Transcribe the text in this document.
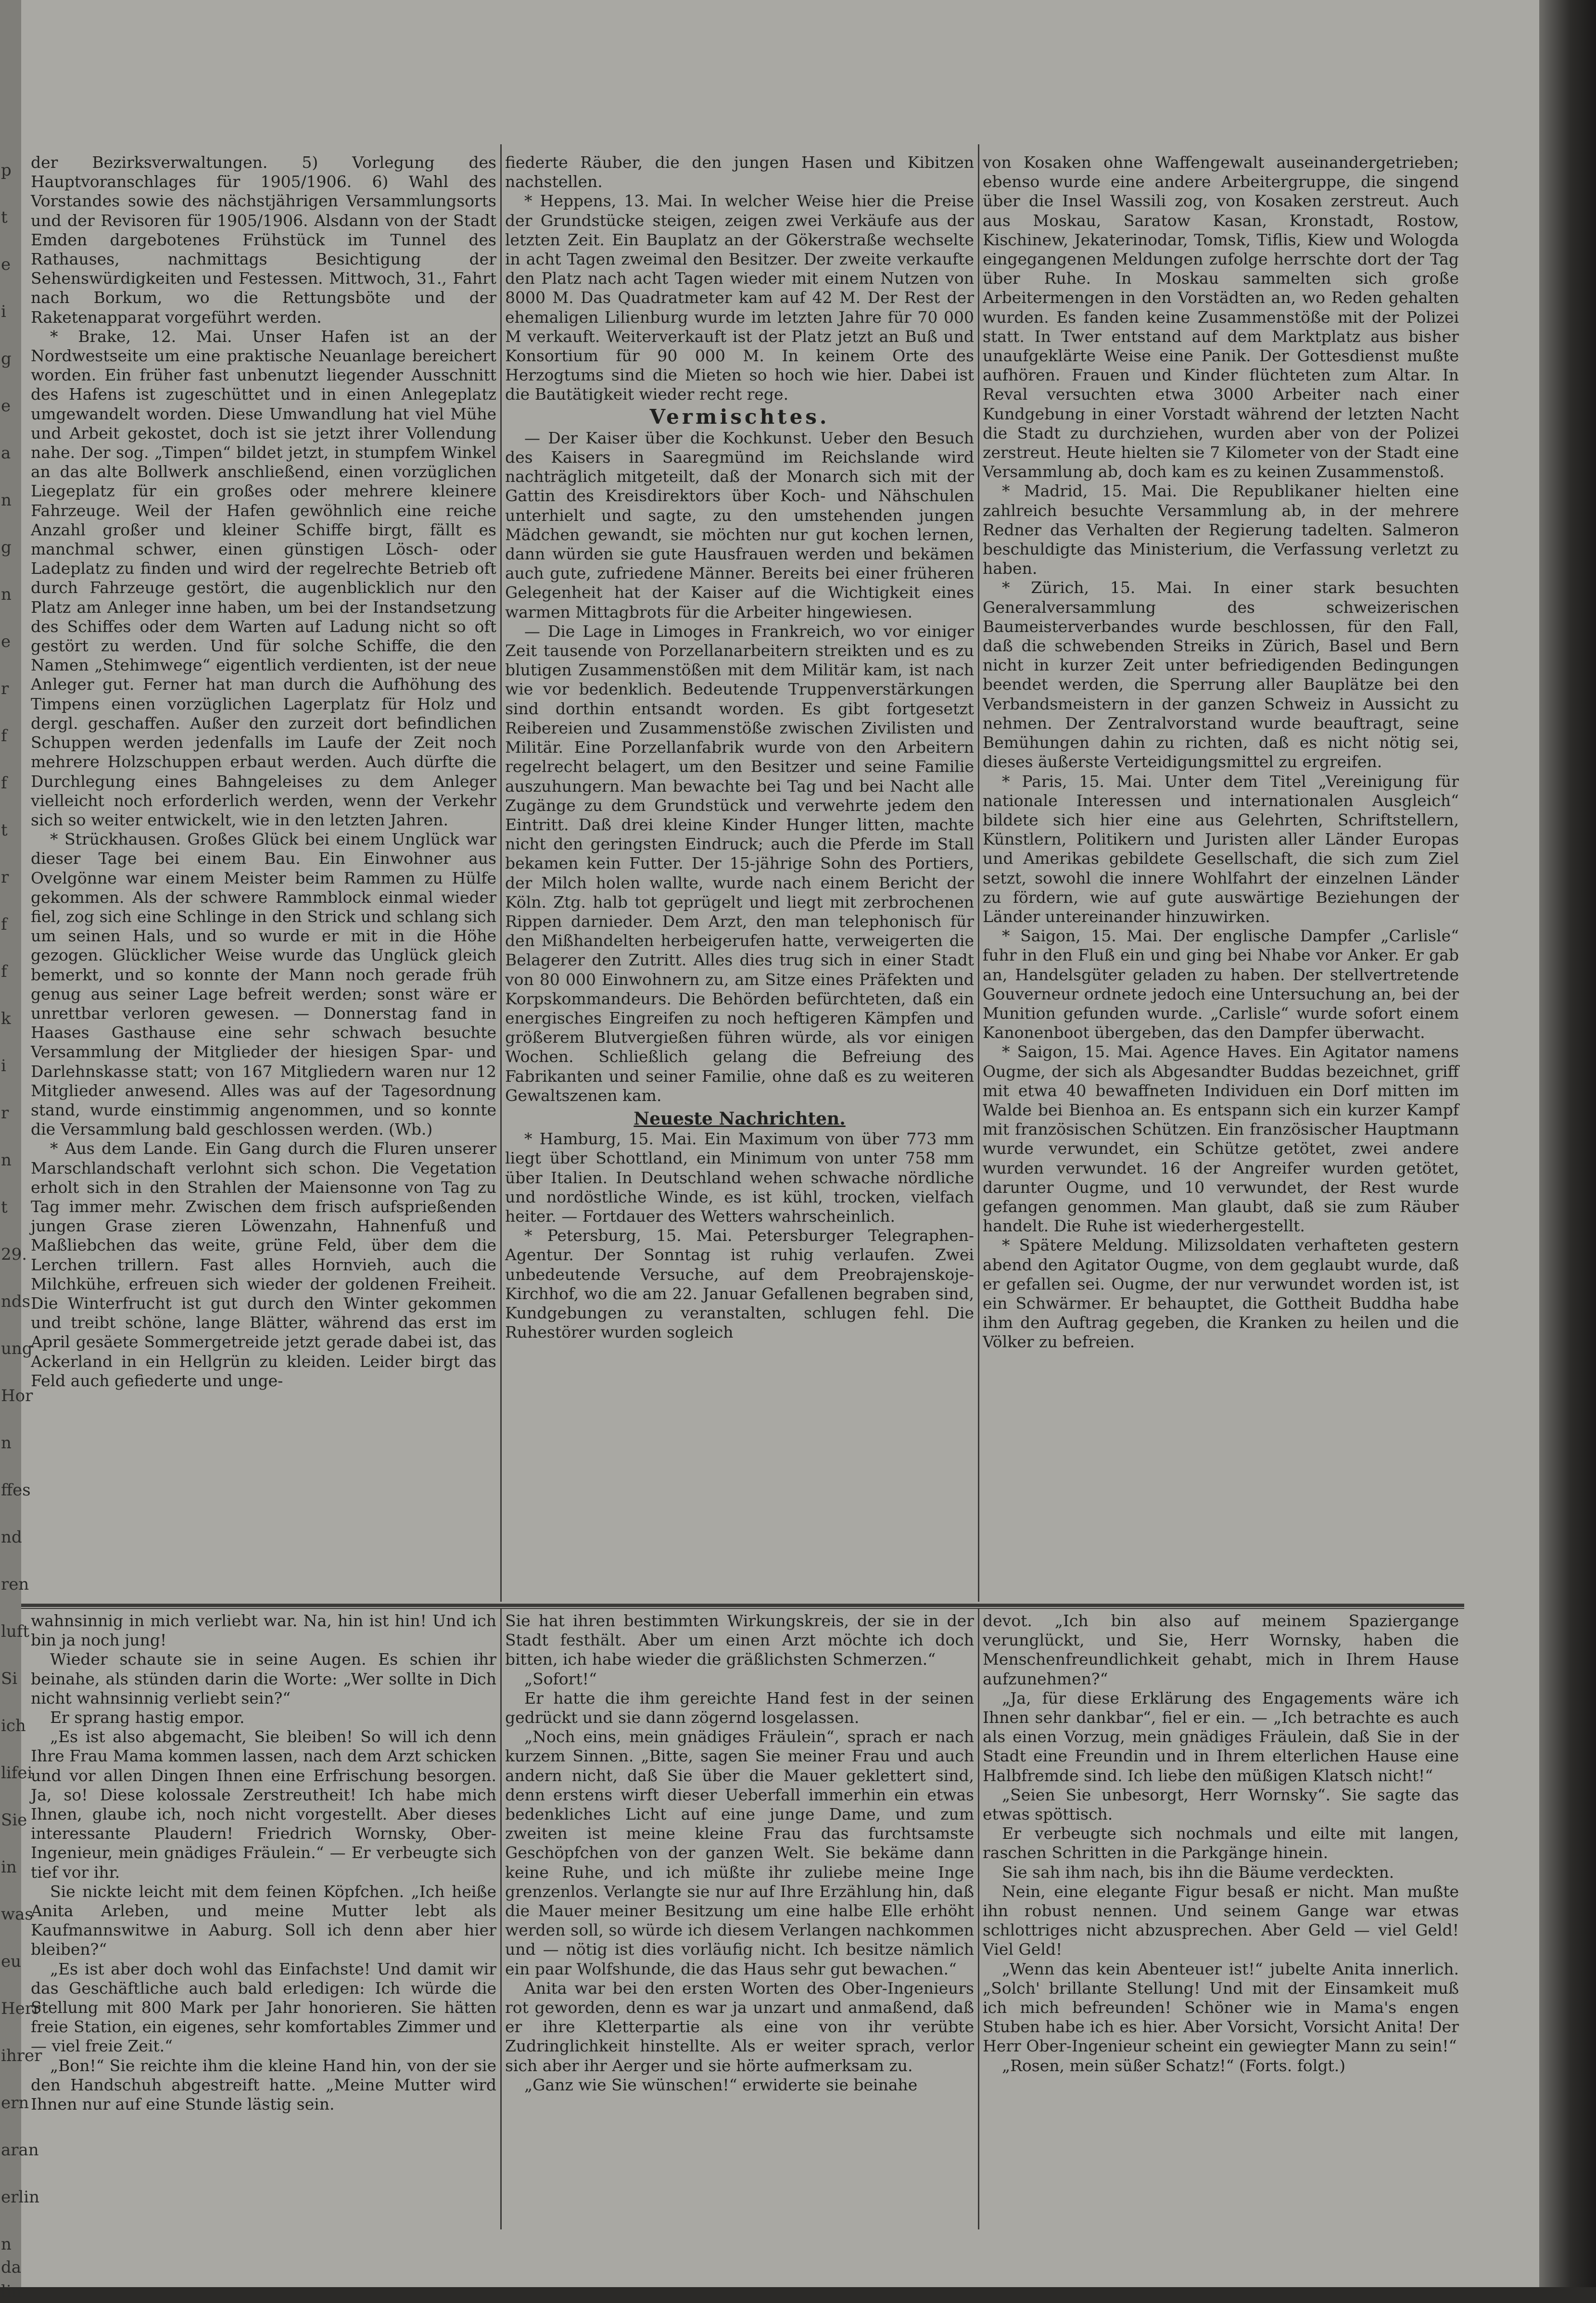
p
t
e
i
g
e
a
n
g
n
e
r
f
f
t
r
f
f
k
i
r
n
t
29.
nds
ung
Hor
n
ffes
nd
ren
luft
Si
ich
lifei
Sie
in
was
eu
Herr
ihrer
ern
aran
erlin
n da
lin

der Bezirksverwaltungen. 5) Vorlegung des Hauptvoranschlages für 1905/1906. 6) Wahl des Vorstandes sowie des nächstjährigen Versammlungsorts und der Revisoren für 1905/1906. Alsdann von der Stadt Emden dargebotenes Frühstück im Tunnel des Rathauses, nachmittags Besichtigung der Sehenswürdigkeiten und Festessen. Mittwoch, 31., Fahrt nach Borkum, wo die Rettungsböte und der Raketenapparat vorgeführt werden.

* Brake, 12. Mai. Unser Hafen ist an der Nordwestseite um eine praktische Neuanlage bereichert worden. Ein früher fast unbenutzt liegender Ausschnitt des Hafens ist zugeschüttet und in einen Anlegeplatz umgewandelt worden. Diese Umwandlung hat viel Mühe und Arbeit gekostet, doch ist sie jetzt ihrer Vollendung nahe. Der sog. „Timpen“ bildet jetzt, in stumpfem Winkel an das alte Bollwerk anschließend, einen vorzüglichen Liegeplatz für ein großes oder mehrere kleinere Fahrzeuge. Weil der Hafen gewöhnlich eine reiche Anzahl großer und kleiner Schiffe birgt, fällt es manchmal schwer, einen günstigen Lösch- oder Ladeplatz zu finden und wird der regelrechte Betrieb oft durch Fahrzeuge gestört, die augenblicklich nur den Platz am Anleger inne haben, um bei der Instandsetzung des Schiffes oder dem Warten auf Ladung nicht so oft gestört zu werden. Und für solche Schiffe, die den Namen „Stehimwege“ eigentlich verdienten, ist der neue Anleger gut. Ferner hat man durch die Aufhöhung des Timpens einen vorzüglichen Lagerplatz für Holz und dergl. geschaffen. Außer den zurzeit dort befindlichen Schuppen werden jedenfalls im Laufe der Zeit noch mehrere Holzschuppen erbaut werden. Auch dürfte die Durchlegung eines Bahngeleises zu dem Anleger vielleicht noch erforderlich werden, wenn der Verkehr sich so weiter entwickelt, wie in den letzten Jahren.

* Strückhausen. Großes Glück bei einem Unglück war dieser Tage bei einem Bau. Ein Einwohner aus Ovelgönne war einem Meister beim Rammen zu Hülfe gekommen. Als der schwere Rammblock einmal wieder fiel, zog sich eine Schlinge in den Strick und schlang sich um seinen Hals, und so wurde er mit in die Höhe gezogen. Glücklicher Weise wurde das Unglück gleich bemerkt, und so konnte der Mann noch gerade früh genug aus seiner Lage befreit werden; sonst wäre er unrettbar verloren gewesen. — Donnerstag fand in Haases Gasthause eine sehr schwach besuchte Versammlung der Mitglieder der hiesigen Spar- und Darlehnskasse statt; von 167 Mitgliedern waren nur 12 Mitglieder anwesend. Alles was auf der Tagesordnung stand, wurde einstimmig angenommen, und so konnte die Versammlung bald geschlossen werden. (Wb.)

* Aus dem Lande. Ein Gang durch die Fluren unserer Marschlandschaft verlohnt sich schon. Die Vegetation erholt sich in den Strahlen der Maiensonne von Tag zu Tag immer mehr. Zwischen dem frisch aufsprießenden jungen Grase zieren Löwenzahn, Hahnenfuß und Maßliebchen das weite, grüne Feld, über dem die Lerchen trillern. Fast alles Hornvieh, auch die Milchkühe, erfreuen sich wieder der goldenen Freiheit. Die Winterfrucht ist gut durch den Winter gekommen und treibt schöne, lange Blätter, während das erst im April gesäete Sommergetreide jetzt gerade dabei ist, das Ackerland in ein Hellgrün zu kleiden. Leider birgt das Feld auch gefiederte und unge-

fiederte Räuber, die den jungen Hasen und Kibitzen nachstellen.

* Heppens, 13. Mai. In welcher Weise hier die Preise der Grundstücke steigen, zeigen zwei Verkäufe aus der letzten Zeit. Ein Bauplatz an der Gökerstraße wechselte in acht Tagen zweimal den Besitzer. Der zweite verkaufte den Platz nach acht Tagen wieder mit einem Nutzen von 8000 M. Das Quadratmeter kam auf 42 M. Der Rest der ehemaligen Lilienburg wurde im letzten Jahre für 70 000 M verkauft. Weiterverkauft ist der Platz jetzt an Buß und Konsortium für 90 000 M. In keinem Orte des Herzogtums sind die Mieten so hoch wie hier. Dabei ist die Bautätigkeit wieder recht rege.

Vermischtes.

— Der Kaiser über die Kochkunst. Ueber den Besuch des Kaisers in Saaregmünd im Reichslande wird nachträglich mitgeteilt, daß der Monarch sich mit der Gattin des Kreisdirektors über Koch- und Nähschulen unterhielt und sagte, zu den umstehenden jungen Mädchen gewandt, sie möchten nur gut kochen lernen, dann würden sie gute Hausfrauen werden und bekämen auch gute, zufriedene Männer. Bereits bei einer früheren Gelegenheit hat der Kaiser auf die Wichtigkeit eines warmen Mittagbrots für die Arbeiter hingewiesen.

— Die Lage in Limoges in Frankreich, wo vor einiger Zeit tausende von Porzellanarbeitern streikten und es zu blutigen Zusammenstößen mit dem Militär kam, ist nach wie vor bedenklich. Bedeutende Truppenverstärkungen sind dorthin entsandt worden. Es gibt fortgesetzt Reibereien und Zusammenstöße zwischen Zivilisten und Militär. Eine Porzellanfabrik wurde von den Arbeitern regelrecht belagert, um den Besitzer und seine Familie auszuhungern. Man bewachte bei Tag und bei Nacht alle Zugänge zu dem Grundstück und verwehrte jedem den Eintritt. Daß drei kleine Kinder Hunger litten, machte nicht den geringsten Eindruck; auch die Pferde im Stall bekamen kein Futter. Der 15-jährige Sohn des Portiers, der Milch holen wallte, wurde nach einem Bericht der Köln. Ztg. halb tot geprügelt und liegt mit zerbrochenen Rippen darnieder. Dem Arzt, den man telephonisch für den Mißhandelten herbeigerufen hatte, verweigerten die Belagerer den Zutritt. Alles dies trug sich in einer Stadt von 80 000 Einwohnern zu, am Sitze eines Präfekten und Korpskommandeurs. Die Behörden befürchteten, daß ein energisches Eingreifen zu noch heftigeren Kämpfen und größerem Blutvergießen führen würde, als vor einigen Wochen. Schließlich gelang die Befreiung des Fabrikanten und seiner Familie, ohne daß es zu weiteren Gewaltszenen kam.

Neueste Nachrichten.

* Hamburg, 15. Mai. Ein Maximum von über 773 mm liegt über Schottland, ein Minimum von unter 758 mm über Italien. In Deutschland wehen schwache nördliche und nordöstliche Winde, es ist kühl, trocken, vielfach heiter. — Fortdauer des Wetters wahrscheinlich.

* Petersburg, 15. Mai. Petersburger Telegraphen-Agentur. Der Sonntag ist ruhig verlaufen. Zwei unbedeutende Versuche, auf dem Preobrajenskoje-Kirchhof, wo die am 22. Januar Gefallenen begraben sind, Kundgebungen zu veranstalten, schlugen fehl. Die Ruhestörer wurden sogleich

von Kosaken ohne Waffengewalt auseinandergetrieben; ebenso wurde eine andere Arbeitergruppe, die singend über die Insel Wassili zog, von Kosaken zerstreut. Auch aus Moskau, Saratow Kasan, Kronstadt, Rostow, Kischinew, Jekaterinodar, Tomsk, Tiflis, Kiew und Wologda eingegangenen Meldungen zufolge herrschte dort der Tag über Ruhe. In Moskau sammelten sich große Arbeitermengen in den Vorstädten an, wo Reden gehalten wurden. Es fanden keine Zusammenstöße mit der Polizei statt. In Twer entstand auf dem Marktplatz aus bisher unaufgeklärte Weise eine Panik. Der Gottesdienst mußte aufhören. Frauen und Kinder flüchteten zum Altar. In Reval versuchten etwa 3000 Arbeiter nach einer Kundgebung in einer Vorstadt während der letzten Nacht die Stadt zu durchziehen, wurden aber von der Polizei zerstreut. Heute hielten sie 7 Kilometer von der Stadt eine Versammlung ab, doch kam es zu keinen Zusammenstoß.

* Madrid, 15. Mai. Die Republikaner hielten eine zahlreich besuchte Versammlung ab, in der mehrere Redner das Verhalten der Regierung tadelten. Salmeron beschuldigte das Ministerium, die Verfassung verletzt zu haben.

* Zürich, 15. Mai. In einer stark besuchten Generalversammlung des schweizerischen Baumeisterverbandes wurde beschlossen, für den Fall, daß die schwebenden Streiks in Zürich, Basel und Bern nicht in kurzer Zeit unter befriedigenden Bedingungen beendet werden, die Sperrung aller Bauplätze bei den Verbandsmeistern in der ganzen Schweiz in Aussicht zu nehmen. Der Zentralvorstand wurde beauftragt, seine Bemühungen dahin zu richten, daß es nicht nötig sei, dieses äußerste Verteidigungsmittel zu ergreifen.

* Paris, 15. Mai. Unter dem Titel „Vereinigung für nationale Interessen und internationalen Ausgleich“ bildete sich hier eine aus Gelehrten, Schriftstellern, Künstlern, Politikern und Juristen aller Länder Europas und Amerikas gebildete Gesellschaft, die sich zum Ziel setzt, sowohl die innere Wohlfahrt der einzelnen Länder zu fördern, wie auf gute auswärtige Beziehungen der Länder untereinander hinzuwirken.

* Saigon, 15. Mai. Der englische Dampfer „Carlisle“ fuhr in den Fluß ein und ging bei Nhabe vor Anker. Er gab an, Handelsgüter geladen zu haben. Der stellvertretende Gouverneur ordnete jedoch eine Untersuchung an, bei der Munition gefunden wurde. „Carlisle“ wurde sofort einem Kanonenboot übergeben, das den Dampfer überwacht.

* Saigon, 15. Mai. Agence Haves. Ein Agitator namens Ougme, der sich als Abgesandter Buddas bezeichnet, griff mit etwa 40 bewaffneten Individuen ein Dorf mitten im Walde bei Bienhoa an. Es entspann sich ein kurzer Kampf mit französischen Schützen. Ein französischer Hauptmann wurde verwundet, ein Schütze getötet, zwei andere wurden verwundet. 16 der Angreifer wurden getötet, darunter Ougme, und 10 verwundet, der Rest wurde gefangen genommen. Man glaubt, daß sie zum Räuber handelt. Die Ruhe ist wiederhergestellt.

* Spätere Meldung. Milizsoldaten verhafteten gestern abend den Agitator Ougme, von dem geglaubt wurde, daß er gefallen sei. Ougme, der nur verwundet worden ist, ist ein Schwärmer. Er behauptet, die Gottheit Buddha habe ihm den Auftrag gegeben, die Kranken zu heilen und die Völker zu befreien.

wahnsinnig in mich verliebt war. Na, hin ist hin! Und ich bin ja noch jung!

Wieder schaute sie in seine Augen. Es schien ihr beinahe, als stünden darin die Worte: „Wer sollte in Dich nicht wahnsinnig verliebt sein?“

Er sprang hastig empor.

„Es ist also abgemacht, Sie bleiben! So will ich denn Ihre Frau Mama kommen lassen, nach dem Arzt schicken und vor allen Dingen Ihnen eine Erfrischung besorgen. Ja, so! Diese kolossale Zerstreutheit! Ich habe mich Ihnen, glaube ich, noch nicht vorgestellt. Aber dieses interessante Plaudern! Friedrich Wornsky, Ober-Ingenieur, mein gnädiges Fräulein.“ — Er verbeugte sich tief vor ihr.

Sie nickte leicht mit dem feinen Köpfchen. „Ich heiße Anita Arleben, und meine Mutter lebt als Kaufmannswitwe in Aaburg. Soll ich denn aber hier bleiben?“

„Es ist aber doch wohl das Einfachste! Und damit wir das Geschäftliche auch bald erledigen: Ich würde die Stellung mit 800 Mark per Jahr honorieren. Sie hätten freie Station, ein eigenes, sehr komfortables Zimmer und — viel freie Zeit.“

„Bon!“ Sie reichte ihm die kleine Hand hin, von der sie den Handschuh abgestreift hatte. „Meine Mutter wird Ihnen nur auf eine Stunde lästig sein.

Sie hat ihren bestimmten Wirkungskreis, der sie in der Stadt festhält. Aber um einen Arzt möchte ich doch bitten, ich habe wieder die gräßlichsten Schmerzen.“

„Sofort!“

Er hatte die ihm gereichte Hand fest in der seinen gedrückt und sie dann zögernd losgelassen.

„Noch eins, mein gnädiges Fräulein“, sprach er nach kurzem Sinnen. „Bitte, sagen Sie meiner Frau und auch andern nicht, daß Sie über die Mauer geklettert sind, denn erstens wirft dieser Ueberfall immerhin ein etwas bedenkliches Licht auf eine junge Dame, und zum zweiten ist meine kleine Frau das furchtsamste Geschöpfchen von der ganzen Welt. Sie bekäme dann keine Ruhe, und ich müßte ihr zuliebe meine Inge grenzenlos. Verlangte sie nur auf Ihre Erzählung hin, daß die Mauer meiner Besitzung um eine halbe Elle erhöht werden soll, so würde ich diesem Verlangen nachkommen und — nötig ist dies vorläufig nicht. Ich besitze nämlich ein paar Wolfshunde, die das Haus sehr gut bewachen.“

Anita war bei den ersten Worten des Ober-Ingenieurs rot geworden, denn es war ja unzart und anmaßend, daß er ihre Kletterpartie als eine von ihr verübte Zudringlichkeit hinstellte. Als er weiter sprach, verlor sich aber ihr Aerger und sie hörte aufmerksam zu.

„Ganz wie Sie wünschen!“ erwiderte sie beinahe

devot. „Ich bin also auf meinem Spaziergange verunglückt, und Sie, Herr Wornsky, haben die Menschenfreundlichkeit gehabt, mich in Ihrem Hause aufzunehmen?“

„Ja, für diese Erklärung des Engagements wäre ich Ihnen sehr dankbar“, fiel er ein. — „Ich betrachte es auch als einen Vorzug, mein gnädiges Fräulein, daß Sie in der Stadt eine Freundin und in Ihrem elterlichen Hause eine Halbfremde sind. Ich liebe den müßigen Klatsch nicht!“

„Seien Sie unbesorgt, Herr Wornsky“. Sie sagte das etwas spöttisch.

Er verbeugte sich nochmals und eilte mit langen, raschen Schritten in die Parkgänge hinein.

Sie sah ihm nach, bis ihn die Bäume verdeckten.

Nein, eine elegante Figur besaß er nicht. Man mußte ihn robust nennen. Und seinem Gange war etwas schlottriges nicht abzusprechen. Aber Geld — viel Geld! Viel Geld!

„Wenn das kein Abenteuer ist!“ jubelte Anita innerlich. „Solch' brillante Stellung! Und mit der Einsamkeit muß ich mich befreunden! Schöner wie in Mama's engen Stuben habe ich es hier. Aber Vorsicht, Vorsicht Anita! Der Herr Ober-Ingenieur scheint ein gewiegter Mann zu sein!“

„Rosen, mein süßer Schatz!“ (Forts. folgt.)
